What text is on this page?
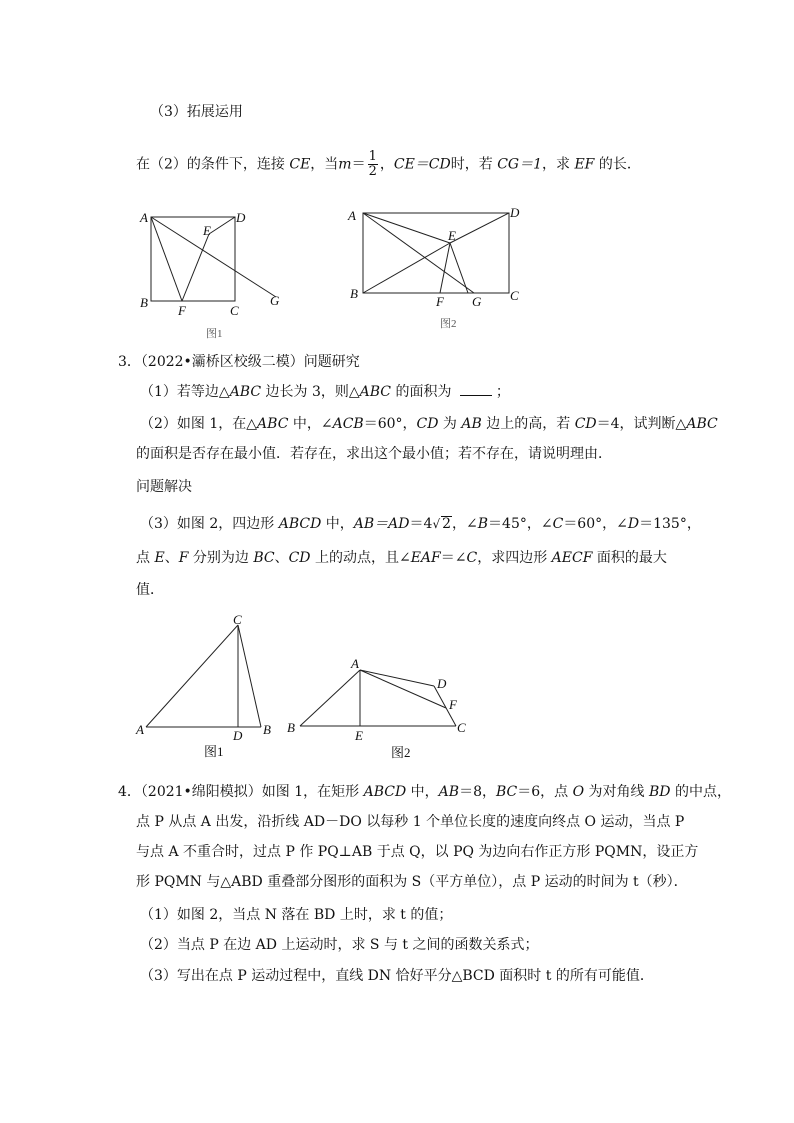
（3）拓展运用
在（2）的条件下，连接 CE，当$m= \frac{1}{2}$ ，CE＝CD时，若 CG＝1，求 EF 的长．
A	D
E
B
F	C
G
图1
A	D
E
B
F	C
G
图2
3．（2022•灞桥区校级二模）问题研究
（1）若等边△ABC 边长为 3，则△ABC 的面积为	；
（2）如图 1，在△ABC 中，∠ACB＝60°，CD 为 AB 边上的高，若 CD＝4，试判断△ABC
的面积是否存在最小值．若存在，求出这个最小值；若不存在，请说明理由．
问题解决
（3）如图 2，四边形 ABCD 中，AB＝AD＝4√ 2，∠B＝45°，∠C＝60°，∠D＝135°，
点 E、F 分别为边 BC、CD 上的动点，且∠EAF＝∠C，求四边形 AECF 面积的最大
值．
C
A	D B
图1
A
D
F
C
B
E
图2
4．（2021•绵阳模拟）如图 1，在矩形 ABCD 中，AB＝8，BC＝6，点 O 为对角线 BD 的中点，
点 P 从点 A 出发，沿折线 AD－DO 以每秒 1 个单位长度的速度向终点 O 运动，当点 P
与点 A 不重合时，过点 P 作 PQ⊥AB 于点 Q，以 PQ 为边向右作正方形 PQMN，设正方
形 PQMN 与△ABD 重叠部分图形的面积为 S（平方单位），点 P 运动的时间为 t（秒）．
（1）如图 2，当点 N 落在 BD 上时，求 t 的值；
（2）当点 P 在边 AD 上运动时，求 S 与 t 之间的函数关系式；
（3）写出在点 P 运动过程中，直线 DN 恰好平分△BCD 面积时 t 的所有可能值．
